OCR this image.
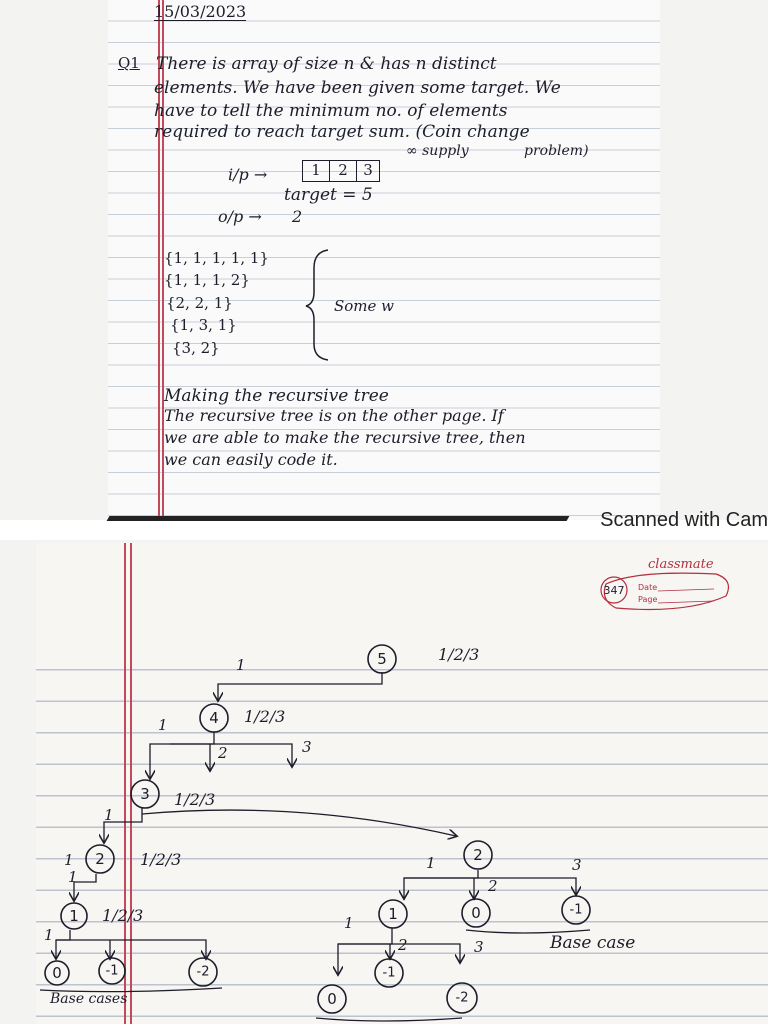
15/03/2023
Q1 There is array of size n & has n distinct
elements. We have been given some target. We
have to tell the minimum no. of elements
required to reach target sum. (Coin change
∞ supply	problem)
i/p →	1	2	3
target = 5
o/p → 2
{1, 1, 1, 1, 1}
{1, 1, 1, 2}
{2, 2, 1}
{1, 3, 1}
{3, 2}
Some w
Making the recursive tree
The recursive tree is on the other page. If
we are able to make the recursive tree, then
we can easily code it.
Scanned with Cam
classmate
347 Date
Page
5
4
3
2
1
0	-1	-2
2
1	0	-1
-1
0	-2
1/2/3
1/2/3
1/2/3
1/2/3
1/2/3
1
1
2	3
1
1
1
2
3
1
2	3
1
1
Base cases
Base case
